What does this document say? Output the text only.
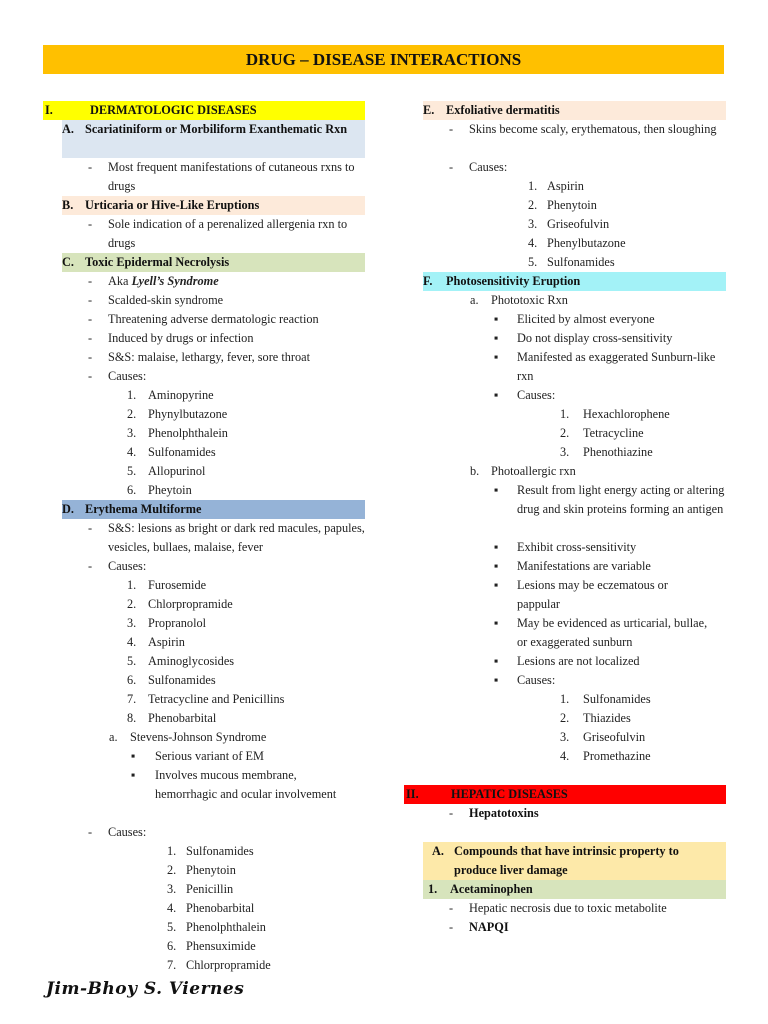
DRUG – DISEASE INTERACTIONS
I.	DERMATOLOGIC DISEASES
A. Scariatiniform or Morbiliform Exanthematic Rxn
- Most frequent manifestations of cutaneous rxns to drugs
B. Urticaria or Hive-Like Eruptions
- Sole indication of a perenalized allergenia rxn to drugs
C. Toxic Epidermal Necrolysis
- Aka Lyell’s Syndrome
- Scalded-skin syndrome
- Threatening adverse dermatologic reaction
- Induced by drugs or infection
- S&S: malaise, lethargy, fever, sore throat
- Causes:
1. Aminopyrine
2. Phynylbutazone
3. Phenolphthalein
4. Sulfonamides
5. Allopurinol
6. Pheytoin
D. Erythema Multiforme
- S&S: lesions as bright or dark red macules, papules, vesicles, bullaes, malaise, fever
- Causes:
1. Furosemide
2. Chlorpropramide
3. Propranolol
4. Aspirin
5. Aminoglycosides
6. Sulfonamides
7. Tetracycline and Penicillins
8. Phenobarbital
a. Stevens-Johnson Syndrome
▪ Serious variant of EM
▪ Involves mucous membrane, hemorrhagic and ocular involvement
- Causes:
1. Sulfonamides
2. Phenytoin
3. Penicillin
4. Phenobarbital
5. Phenolphthalein
6. Phensuximide
7. Chlorpropramide
E. Exfoliative dermatitis
- Skins become scaly, erythematous, then sloughing
- Causes:
1. Aspirin
2. Phenytoin
3. Griseofulvin
4. Phenylbutazone
5. Sulfonamides
F. Photosensitivity Eruption
a. Phototoxic Rxn
▪ Elicited by almost everyone
▪ Do not display cross-sensitivity
▪ Manifested as exaggerated Sunburn-like rxn
▪ Causes:
1. Hexachlorophene
2. Tetracycline
3. Phenothiazine
b. Photoallergic rxn
▪ Result from light energy acting or altering drug and skin proteins forming an antigen
▪ Exhibit cross-sensitivity
▪ Manifestations are variable
▪ Lesions may be eczematous or pappular
▪ May be evidenced as urticarial, bullae, or exaggerated sunburn
▪ Lesions are not localized
▪ Causes:
1. Sulfonamides
2. Thiazides
3. Griseofulvin
4. Promethazine
II.	HEPATIC DISEASES
- Hepatotoxins
A. Compounds that have intrinsic property to produce liver damage
1. Acetaminophen
- Hepatic necrosis due to toxic metabolite
- NAPQI
Jim-Bhoy S. Viernes
